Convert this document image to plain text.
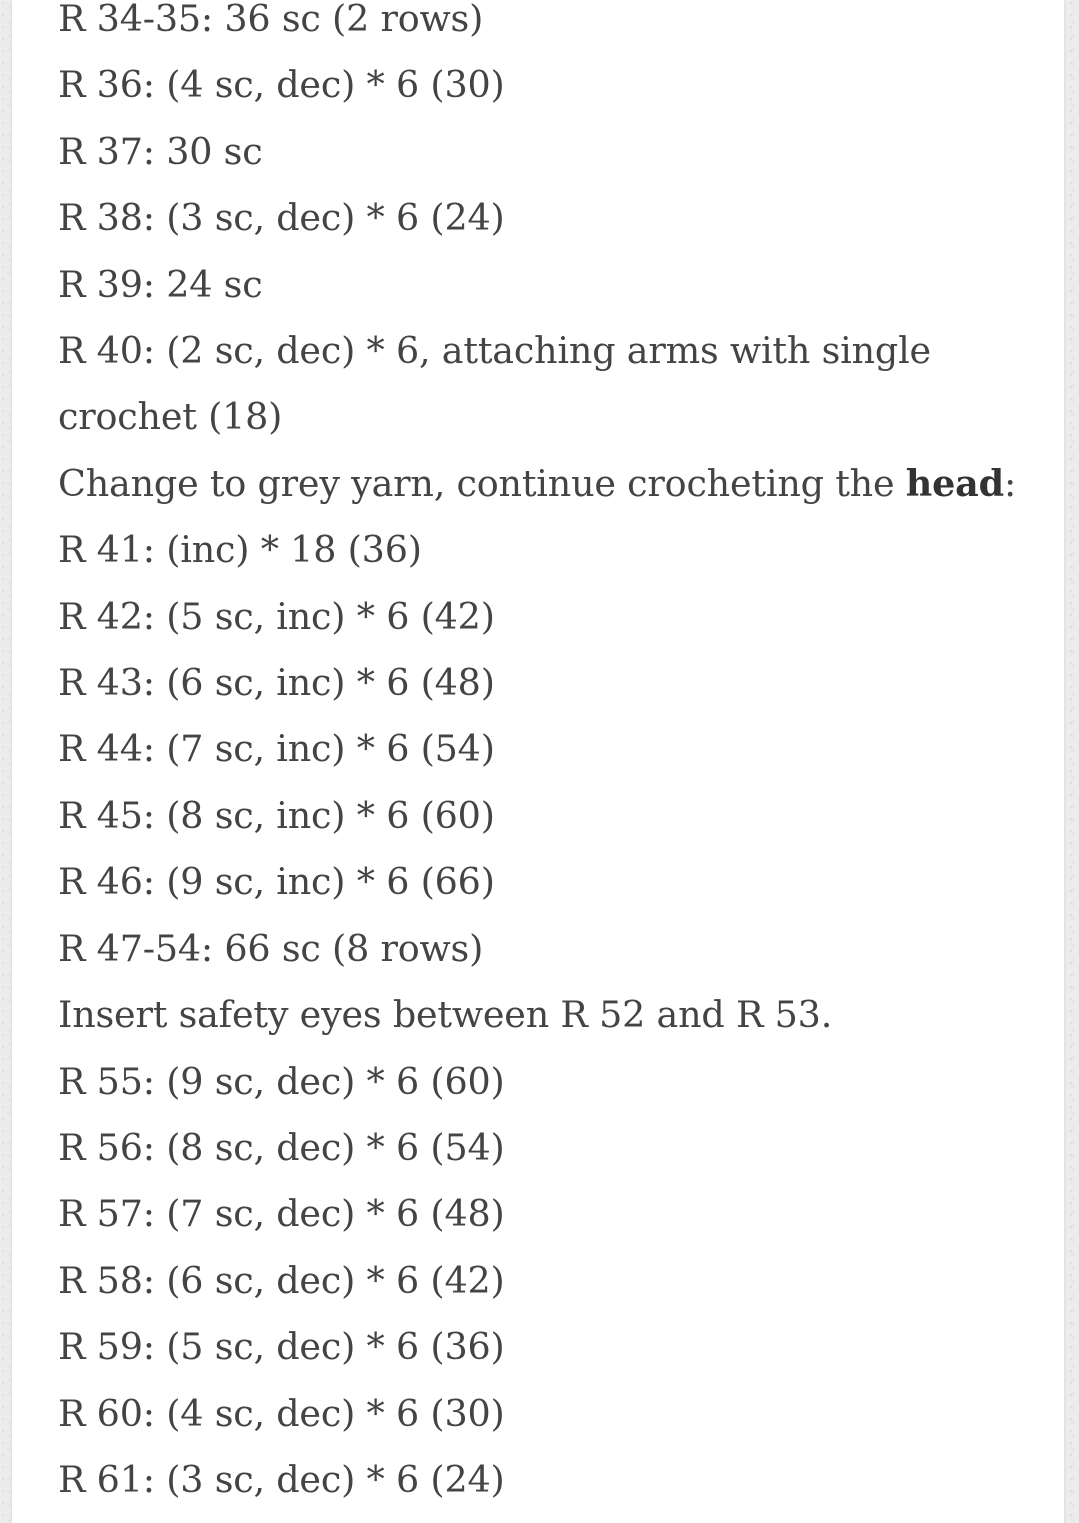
R 34-35: 36 sc (2 rows)
R 36: (4 sc, dec) * 6 (30)
R 37: 30 sc
R 38: (3 sc, dec) * 6 (24)
R 39: 24 sc
R 40: (2 sc, dec) * 6, attaching arms with single crochet (18)
Change to grey yarn, continue crocheting the head:
R 41: (inc) * 18 (36)
R 42: (5 sc, inc) * 6 (42)
R 43: (6 sc, inc) * 6 (48)
R 44: (7 sc, inc) * 6 (54)
R 45: (8 sc, inc) * 6 (60)
R 46: (9 sc, inc) * 6 (66)
R 47-54: 66 sc (8 rows)
Insert safety eyes between R 52 and R 53.
R 55: (9 sc, dec) * 6 (60)
R 56: (8 sc, dec) * 6 (54)
R 57: (7 sc, dec) * 6 (48)
R 58: (6 sc, dec) * 6 (42)
R 59: (5 sc, dec) * 6 (36)
R 60: (4 sc, dec) * 6 (30)
R 61: (3 sc, dec) * 6 (24)
